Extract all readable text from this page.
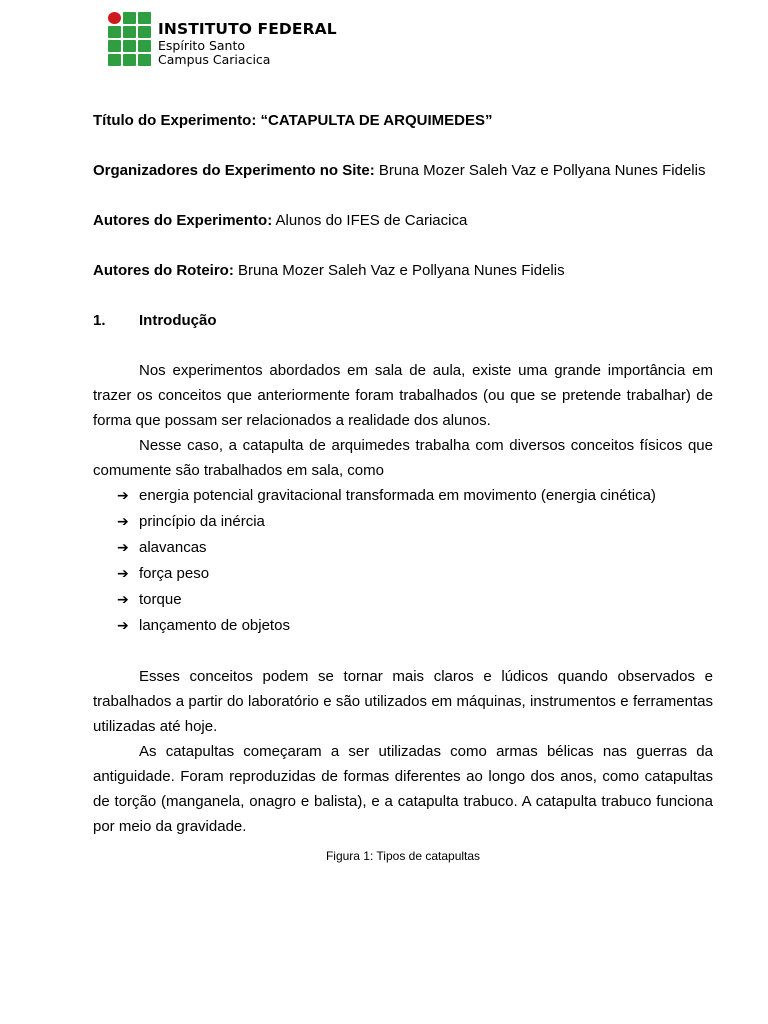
INSTITUTO FEDERAL
Espírito Santo
Campus Cariacica

Título do Experimento: “CATAPULTA DE ARQUIMEDES”

Organizadores do Experimento no Site: Bruna Mozer Saleh Vaz e Pollyana Nunes Fidelis

Autores do Experimento: Alunos do IFES de Cariacica

Autores do Roteiro: Bruna Mozer Saleh Vaz e Pollyana Nunes Fidelis

1.	Introdução

Nos experimentos abordados em sala de aula, existe uma grande importância em trazer os conceitos que anteriormente foram trabalhados (ou que se pretende trabalhar) de forma que possam ser relacionados a realidade dos alunos.

Nesse caso, a catapulta de arquimedes trabalha com diversos conceitos físicos que comumente são trabalhados em sala, como

➔ energia potencial gravitacional transformada em movimento (energia cinética)
➔ princípio da inércia
➔ alavancas
➔ força peso
➔ torque
➔ lançamento de objetos

Esses conceitos podem se tornar mais claros e lúdicos quando observados e trabalhados a partir do laboratório e são utilizados em máquinas, instrumentos e ferramentas utilizadas até hoje.

As catapultas começaram a ser utilizadas como armas bélicas nas guerras da antiguidade. Foram reproduzidas de formas diferentes ao longo dos anos, como catapultas de torção (manganela, onagro e balista), e a catapulta trabuco. A catapulta trabuco funciona por meio da gravidade.

Figura 1: Tipos de catapultas
